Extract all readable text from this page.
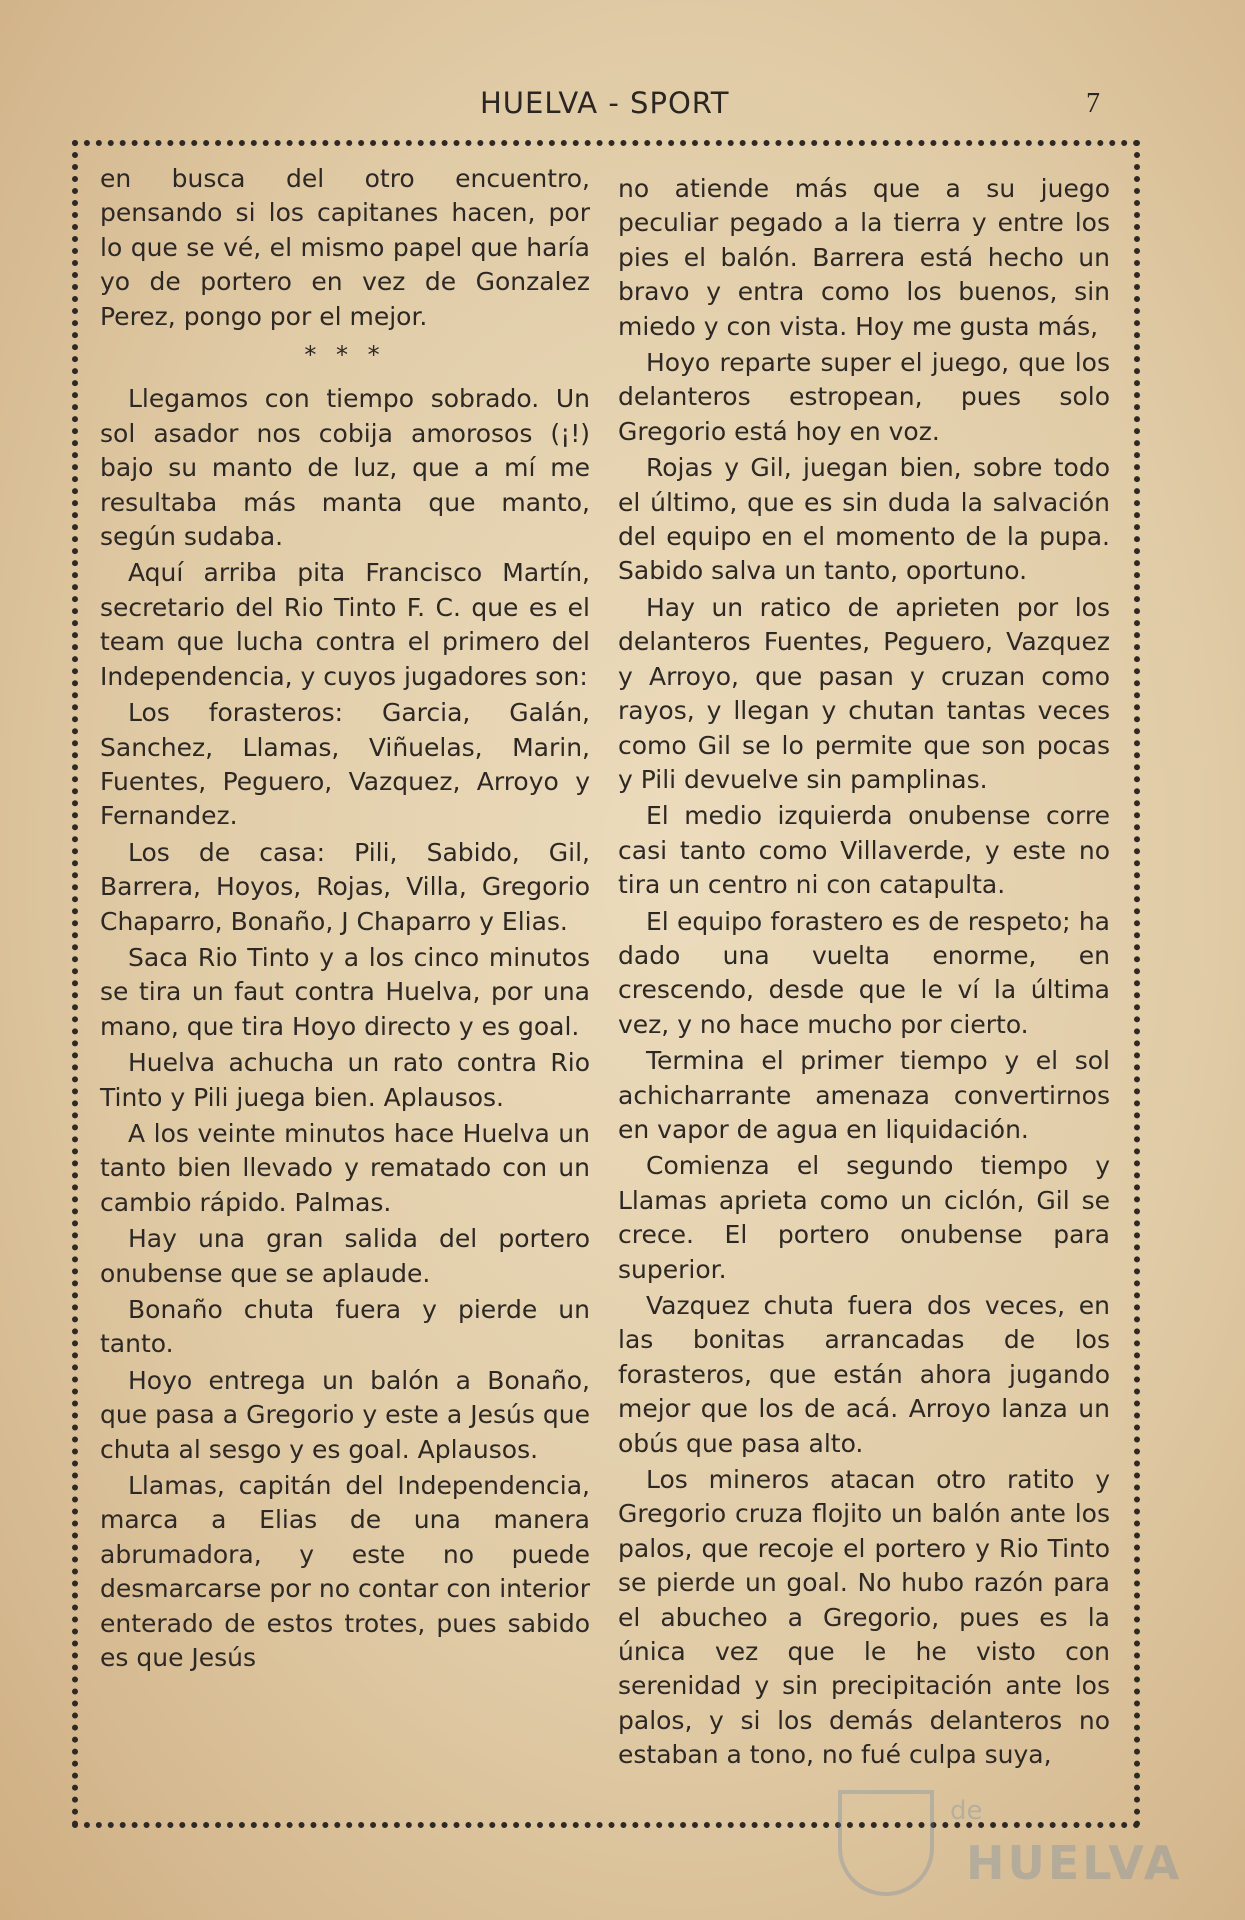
HUELVA - SPORT	7

en busca del otro encuentro, pensando si los capitanes hacen, por lo que se vé, el mismo papel que haría yo de portero en vez de Gonzalez Perez, pongo por el mejor.

* * *

Llegamos con tiempo sobrado. Un sol asador nos cobija amorosos (¡!) bajo su manto de luz, que a mí me resultaba más manta que manto, según sudaba.

Aquí arriba pita Francisco Martín, secretario del Rio Tinto F. C. que es el team que lucha contra el primero del Independencia, y cuyos jugadores son:

Los forasteros: Garcia, Galán, Sanchez, Llamas, Viñuelas, Marin, Fuentes, Peguero, Vazquez, Arroyo y Fernandez.

Los de casa: Pili, Sabido, Gil, Barrera, Hoyos, Rojas, Villa, Gregorio Chaparro, Bonaño, J Chaparro y Elias.

Saca Rio Tinto y a los cinco minutos se tira un faut contra Huelva, por una mano, que tira Hoyo directo y es goal.

Huelva achucha un rato contra Rio Tinto y Pili juega bien. Aplausos.

A los veinte minutos hace Huelva un tanto bien llevado y rematado con un cambio rápido. Palmas.

Hay una gran salida del portero onubense que se aplaude.

Bonaño chuta fuera y pierde un tanto.

Hoyo entrega un balón a Bonaño, que pasa a Gregorio y este a Jesús que chuta al sesgo y es goal. Aplausos.

Llamas, capitán del Independencia, marca a Elias de una manera abrumadora, y este no puede desmarcarse por no contar con interior enterado de estos trotes, pues sabido es que Jesús

no atiende más que a su juego peculiar pegado a la tierra y entre los pies el balón. Barrera está hecho un bravo y entra como los buenos, sin miedo y con vista. Hoy me gusta más,

Hoyo reparte super el juego, que los delanteros estropean, pues solo Gregorio está hoy en voz.

Rojas y Gil, juegan bien, sobre todo el último, que es sin duda la salvación del equipo en el momento de la pupa. Sabido salva un tanto, oportuno.

Hay un ratico de aprieten por los delanteros Fuentes, Peguero, Vazquez y Arroyo, que pasan y cruzan como rayos, y llegan y chutan tantas veces como Gil se lo permite que son pocas y Pili devuelve sin pamplinas.

El medio izquierda onubense corre casi tanto como Villaverde, y este no tira un centro ni con catapulta.

El equipo forastero es de respeto; ha dado una vuelta enorme, en crescendo, desde que le ví la última vez, y no hace mucho por cierto.

Termina el primer tiempo y el sol achicharrante amenaza convertirnos en vapor de agua en liquidación.

Comienza el segundo tiempo y Llamas aprieta como un ciclón, Gil se crece. El portero onubense para superior.

Vazquez chuta fuera dos veces, en las bonitas arrancadas de los forasteros, que están ahora jugando mejor que los de acá. Arroyo lanza un obús que pasa alto.

Los mineros atacan otro ratito y Gregorio cruza flojito un balón ante los palos, que recoje el portero y Rio Tinto se pierde un goal. No hubo razón para el abucheo a Gregorio, pues es la única vez que le he visto con serenidad y sin precipitación ante los palos, y si los demás delanteros no estaban a tono, no fué culpa suya,

de
HUELVA
